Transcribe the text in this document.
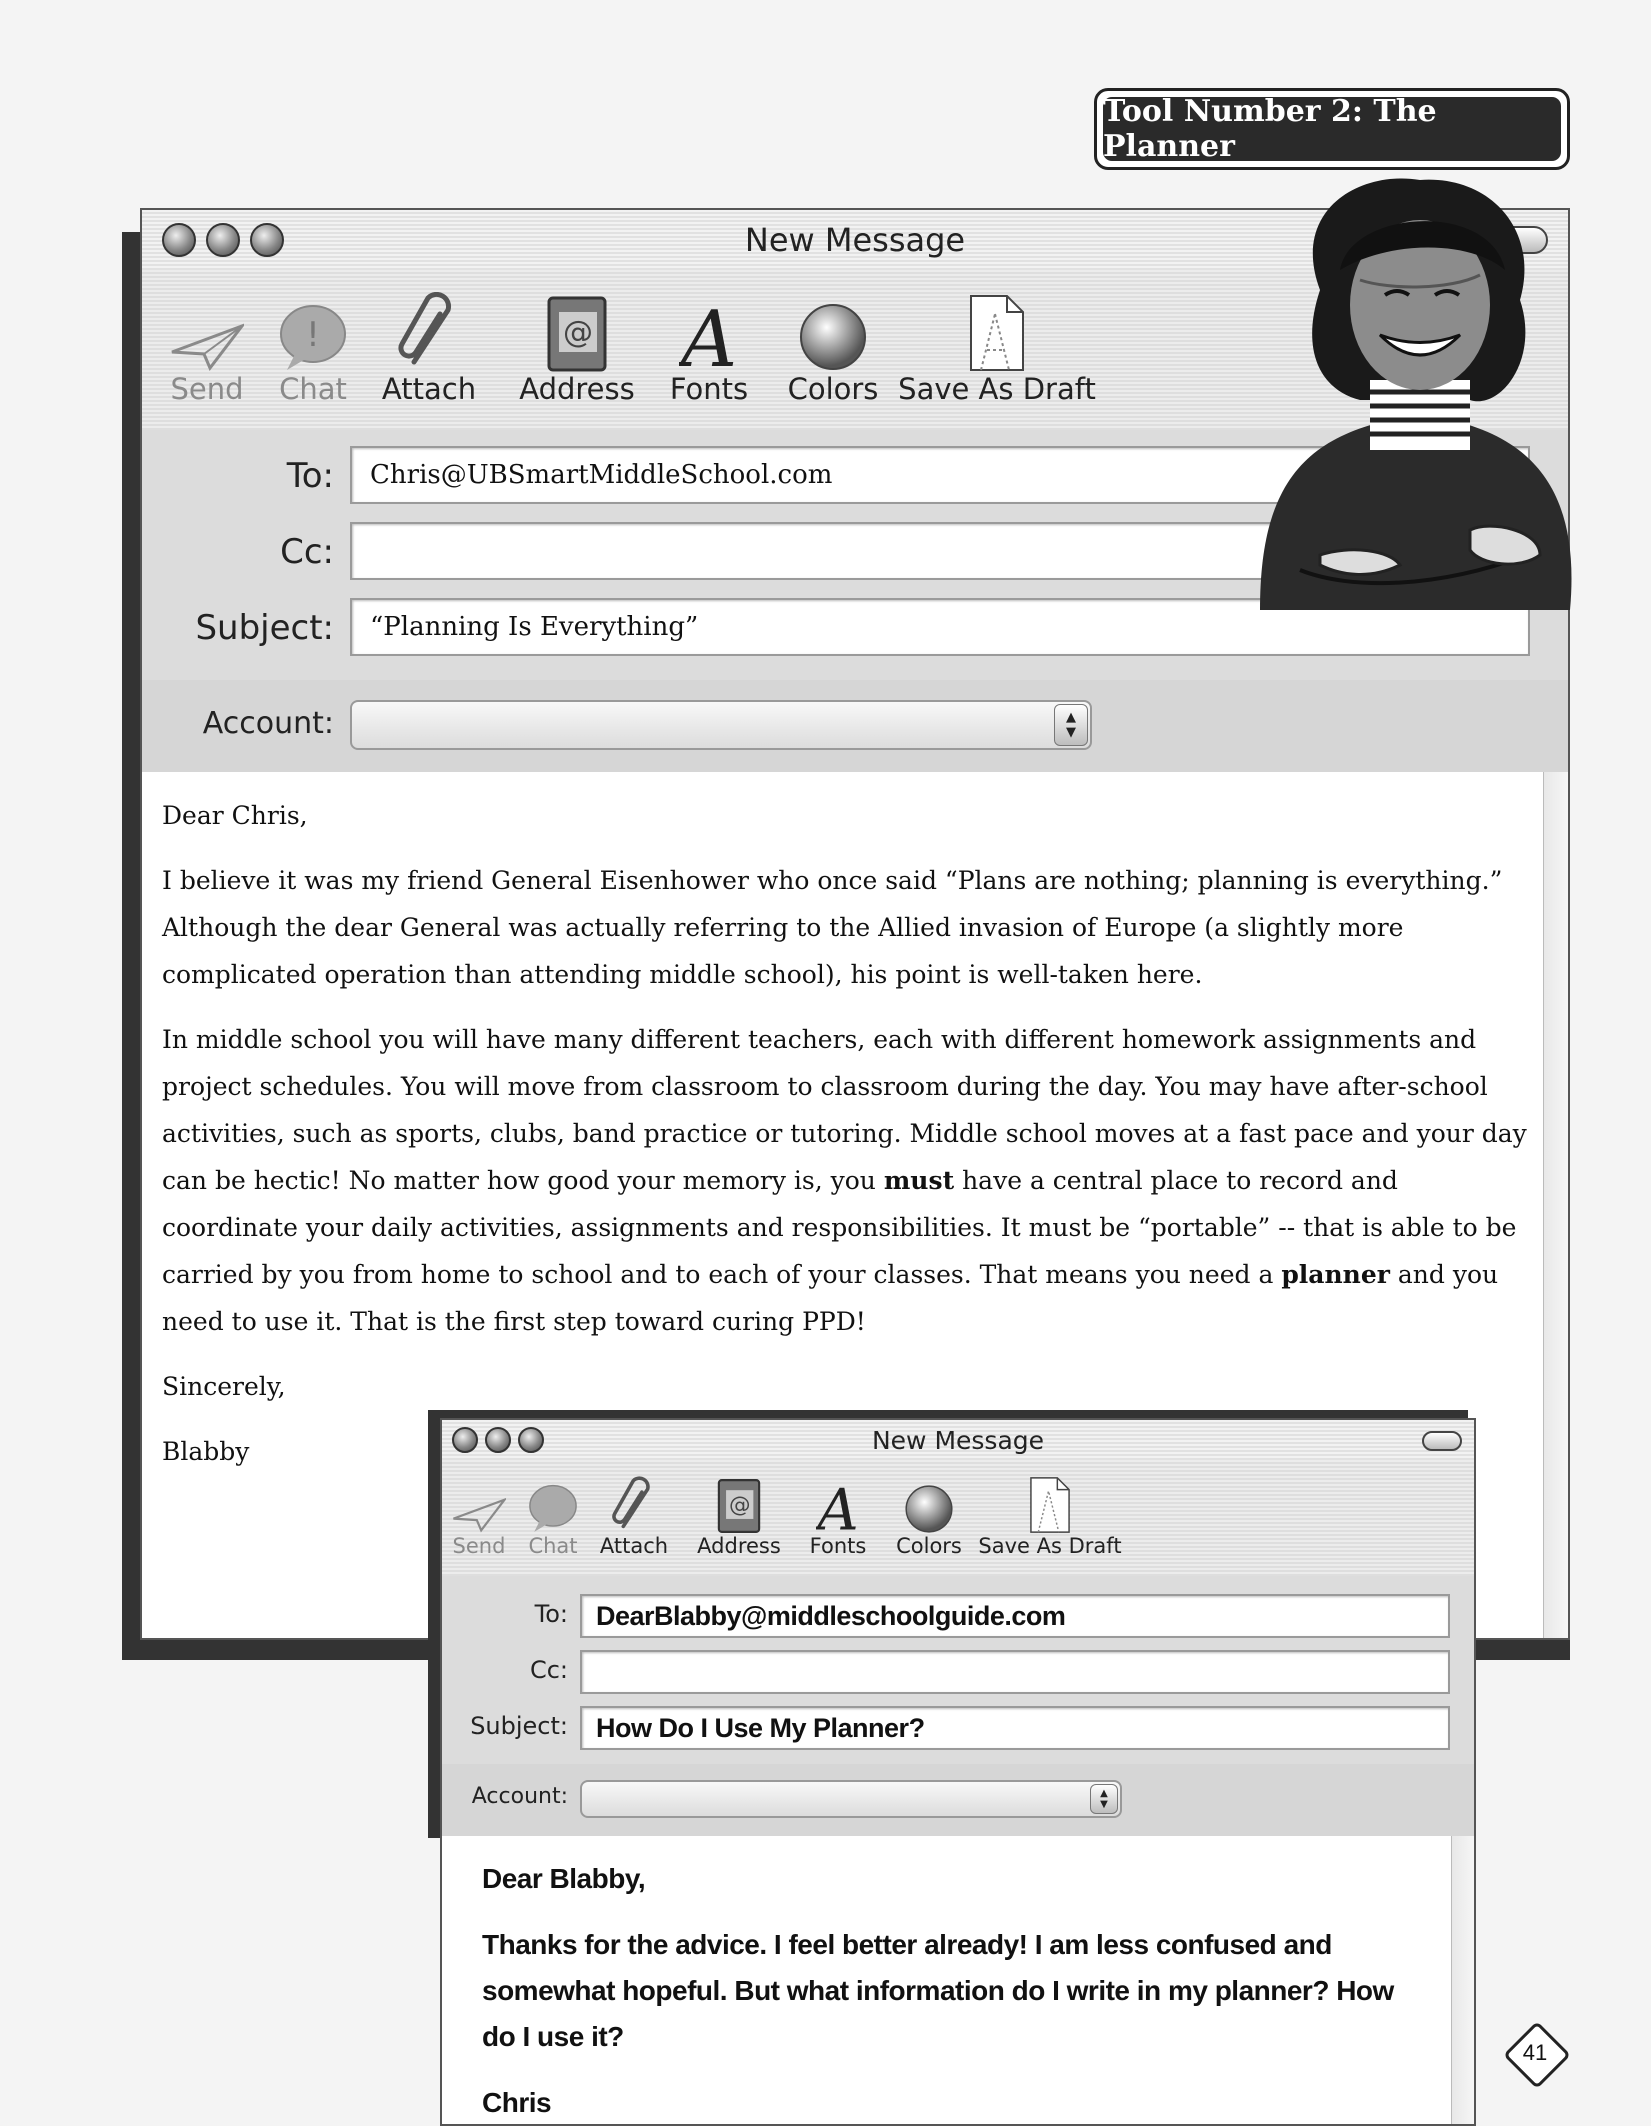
Tool Number 2: The Planner
New Message
Send
!
Chat	Attach
@
Address
A
Fonts	Colors Save As Draft
To:	Chris@UBSmartMiddleSchool.com
Cc:
Subject:	“Planning Is Everything”
Account:	▲
▼

Dear Chris,

I believe it was my friend General Eisenhower who once said “Plans are nothing; planning is everything.” Although the dear General was actually referring to the Allied invasion of Europe (a slightly more complicated operation than attending middle school), his point is well-taken here.

In middle school you will have many different teachers, each with different homework assignments and project schedules. You will move from classroom to classroom during the day. You may have after-school activities, such as sports, clubs, band practice or tutoring. Middle school moves at a fast pace and your day can be hectic! No matter how good your memory is, you must have a central place to record and coordinate your daily activities, assignments and responsibilities. It must be “portable” -- that is able to be carried by you from home to school and to each of your classes. That means you need a planner and you need to use it. That is the first step toward curing PPD!

Sincerely,

Blabby	New Message
Send	Chat	Attach
@
Address
A
Fonts	Colors Save As Draft
To:	DearBlabby@middleschoolguide.com
Cc:
Subject:	How Do I Use My Planner?
Account:	▲
▼

Dear Blabby,

Thanks for the advice. I feel better already! I am less confused and somewhat hopeful. But what information do I write in my planner? How do I use it?

Chris

41
